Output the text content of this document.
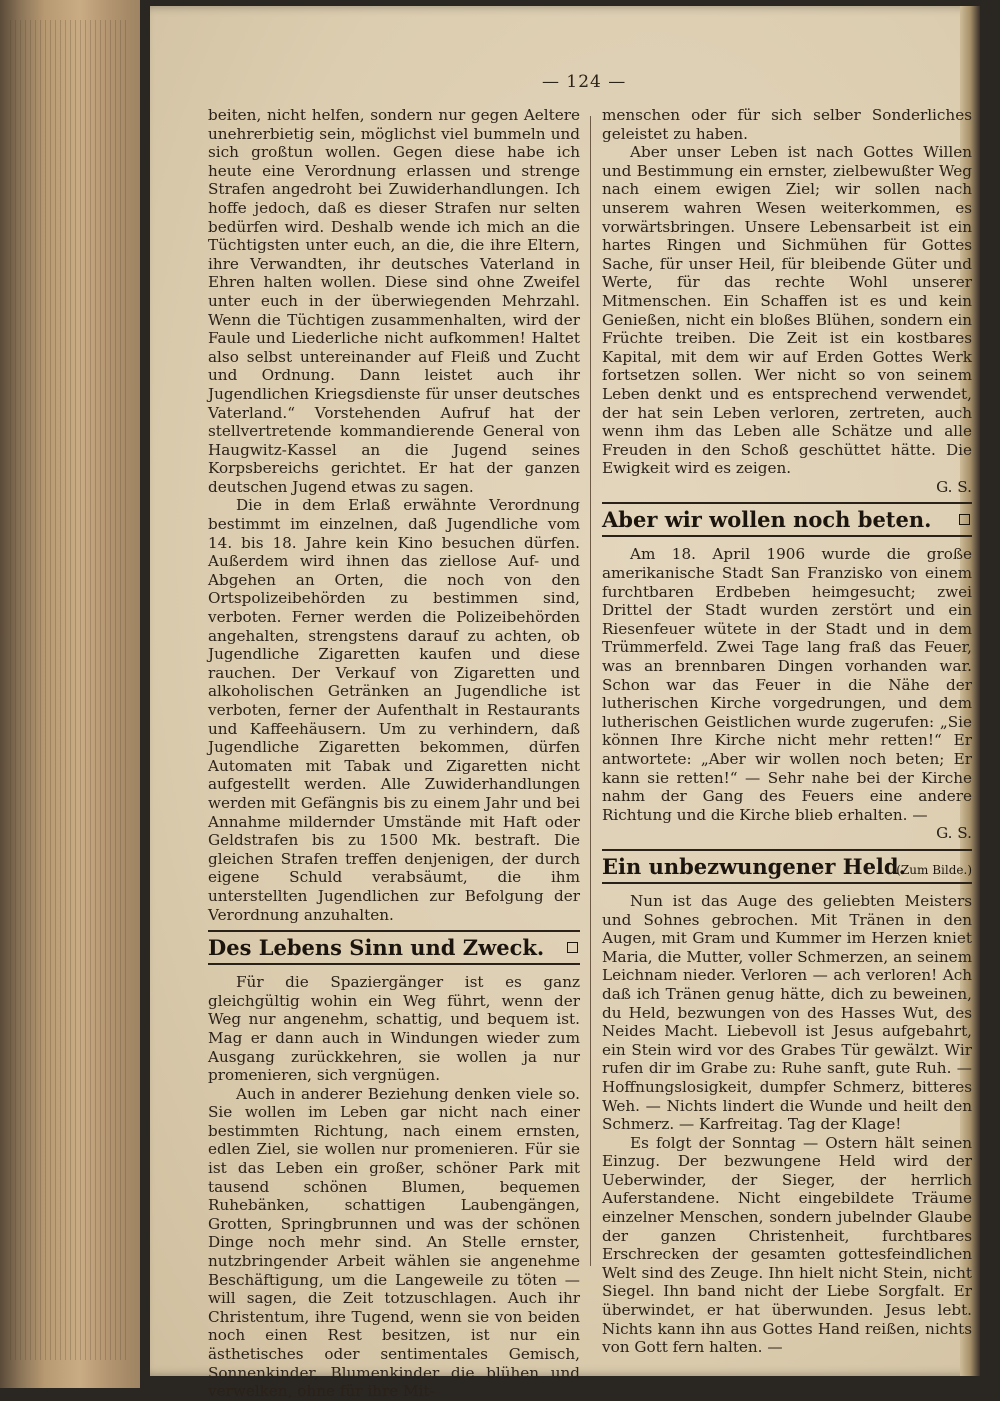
— 124 —

beiten, nicht helfen, sondern nur gegen Aeltere unehrerbietig sein, möglichst viel bummeln und sich großtun wollen. Gegen diese habe ich heute eine Verordnung erlassen und strenge Strafen angedroht bei Zuwiderhandlungen. Ich hoffe jedoch, daß es dieser Strafen nur selten bedürfen wird. Deshalb wende ich mich an die Tüchtigsten unter euch, an die, die ihre Eltern, ihre Verwandten, ihr deutsches Vaterland in Ehren halten wollen. Diese sind ohne Zweifel unter euch in der überwiegenden Mehrzahl. Wenn die Tüchtigen zusammenhalten, wird der Faule und Liederliche nicht aufkommen! Haltet also selbst untereinander auf Fleiß und Zucht und Ordnung. Dann leistet auch ihr Jugendlichen Kriegsdienste für unser deutsches Vaterland.“ Vorstehenden Aufruf hat der stellvertretende kommandierende General von Haugwitz-Kassel an die Jugend seines Korpsbereichs gerichtet. Er hat der ganzen deutschen Jugend etwas zu sagen.

Die in dem Erlaß erwähnte Verordnung bestimmt im einzelnen, daß Jugendliche vom 14. bis 18. Jahre kein Kino besuchen dürfen. Außerdem wird ihnen das ziellose Auf- und Abgehen an Orten, die noch von den Ortspolizeibehörden zu bestimmen sind, verboten. Ferner werden die Polizeibehörden angehalten, strengstens darauf zu achten, ob Jugendliche Zigaretten kaufen und diese rauchen. Der Verkauf von Zigaretten und alkoholischen Getränken an Jugendliche ist verboten, ferner der Aufenthalt in Restaurants und Kaffeehäusern. Um zu verhindern, daß Jugendliche Zigaretten bekommen, dürfen Automaten mit Tabak und Zigaretten nicht aufgestellt werden. Alle Zuwiderhandlungen werden mit Gefängnis bis zu einem Jahr und bei Annahme mildernder Umstände mit Haft oder Geldstrafen bis zu 1500 Mk. bestraft. Die gleichen Strafen treffen denjenigen, der durch eigene Schuld verabsäumt, die ihm unterstellten Jugendlichen zur Befolgung der Verordnung anzuhalten.

Des Lebens Sinn und Zweck.

Für die Spaziergänger ist es ganz gleichgültig wohin ein Weg führt, wenn der Weg nur angenehm, schattig, und bequem ist. Mag er dann auch in Windungen wieder zum Ausgang zurückkehren, sie wollen ja nur promenieren, sich vergnügen.

Auch in anderer Beziehung denken viele so. Sie wollen im Leben gar nicht nach einer bestimmten Richtung, nach einem ernsten, edlen Ziel, sie wollen nur promenieren. Für sie ist das Leben ein großer, schöner Park mit tausend schönen Blumen, bequemen Ruhebänken, schattigen Laubengängen, Grotten, Springbrunnen und was der schönen Dinge noch mehr sind. An Stelle ernster, nutzbringender Arbeit wählen sie angenehme Beschäftigung, um die Langeweile zu töten — will sagen, die Zeit totzuschlagen. Auch ihr Christentum, ihre Tugend, wenn sie von beiden noch einen Rest besitzen, ist nur ein ästhetisches oder sentimentales Gemisch, Sonnenkinder, Blumenkinder die blühen und verwelken, ohne für ihre Mit-

menschen oder für sich selber Sonderliches geleistet zu haben.

Aber unser Leben ist nach Gottes Willen und Bestimmung ein ernster, zielbewußter Weg nach einem ewigen Ziel; wir sollen nach unserem wahren Wesen weiterkommen, es vorwärtsbringen. Unsere Lebensarbeit ist ein hartes Ringen und Sichmühen für Gottes Sache, für unser Heil, für bleibende Güter und Werte, für das rechte Wohl unserer Mitmenschen. Ein Schaffen ist es und kein Genießen, nicht ein bloßes Blühen, sondern ein Früchte treiben. Die Zeit ist ein kostbares Kapital, mit dem wir auf Erden Gottes Werk fortsetzen sollen. Wer nicht so von seinem Leben denkt und es entsprechend verwendet, der hat sein Leben verloren, zertreten, auch wenn ihm das Leben alle Schätze und alle Freuden in den Schoß geschüttet hätte. Die Ewigkeit wird es zeigen.

G. S.
Aber wir wollen noch beten.

Am 18. April 1906 wurde die große amerikanische Stadt San Franzisko von einem furchtbaren Erdbeben heimgesucht; zwei Drittel der Stadt wurden zerstört und ein Riesenfeuer wütete in der Stadt und in dem Trümmerfeld. Zwei Tage lang fraß das Feuer, was an brennbaren Dingen vorhanden war. Schon war das Feuer in die Nähe der lutherischen Kirche vorgedrungen, und dem lutherischen Geistlichen wurde zugerufen: „Sie können Ihre Kirche nicht mehr retten!“ Er antwortete: „Aber wir wollen noch beten; Er kann sie retten!“ — Sehr nahe bei der Kirche nahm der Gang des Feuers eine andere Richtung und die Kirche blieb erhalten. —

G. S.
Ein unbezwungener Held.
(Zum Bilde.)

Nun ist das Auge des geliebten Meisters und Sohnes gebrochen. Mit Tränen in den Augen, mit Gram und Kummer im Herzen kniet Maria, die Mutter, voller Schmerzen, an seinem Leichnam nieder. Verloren — ach verloren! Ach daß ich Tränen genug hätte, dich zu beweinen, du Held, bezwungen von des Hasses Wut, des Neides Macht. Liebevoll ist Jesus aufgebahrt, ein Stein wird vor des Grabes Tür gewälzt. Wir rufen dir im Grabe zu: Ruhe sanft, gute Ruh. — Hoffnungslosigkeit, dumpfer Schmerz, bitteres Weh. — Nichts lindert die Wunde und heilt den Schmerz. — Karfreitag. Tag der Klage!

Es folgt der Sonntag — Ostern hält seinen Einzug. Der bezwungene Held wird der Ueberwinder, der Sieger, der herrlich Auferstandene. Nicht eingebildete Träume einzelner Menschen, sondern jubelnder Glaube der ganzen Christenheit, furchtbares Erschrecken der gesamten gottesfeindlichen Welt sind des Zeuge. Ihn hielt nicht Stein, nicht Siegel. Ihn band nicht der Liebe Sorgfalt. Er überwindet, er hat überwunden. Jesus lebt. Nichts kann ihn aus Gottes Hand reißen, nichts von Gott fern halten. —
